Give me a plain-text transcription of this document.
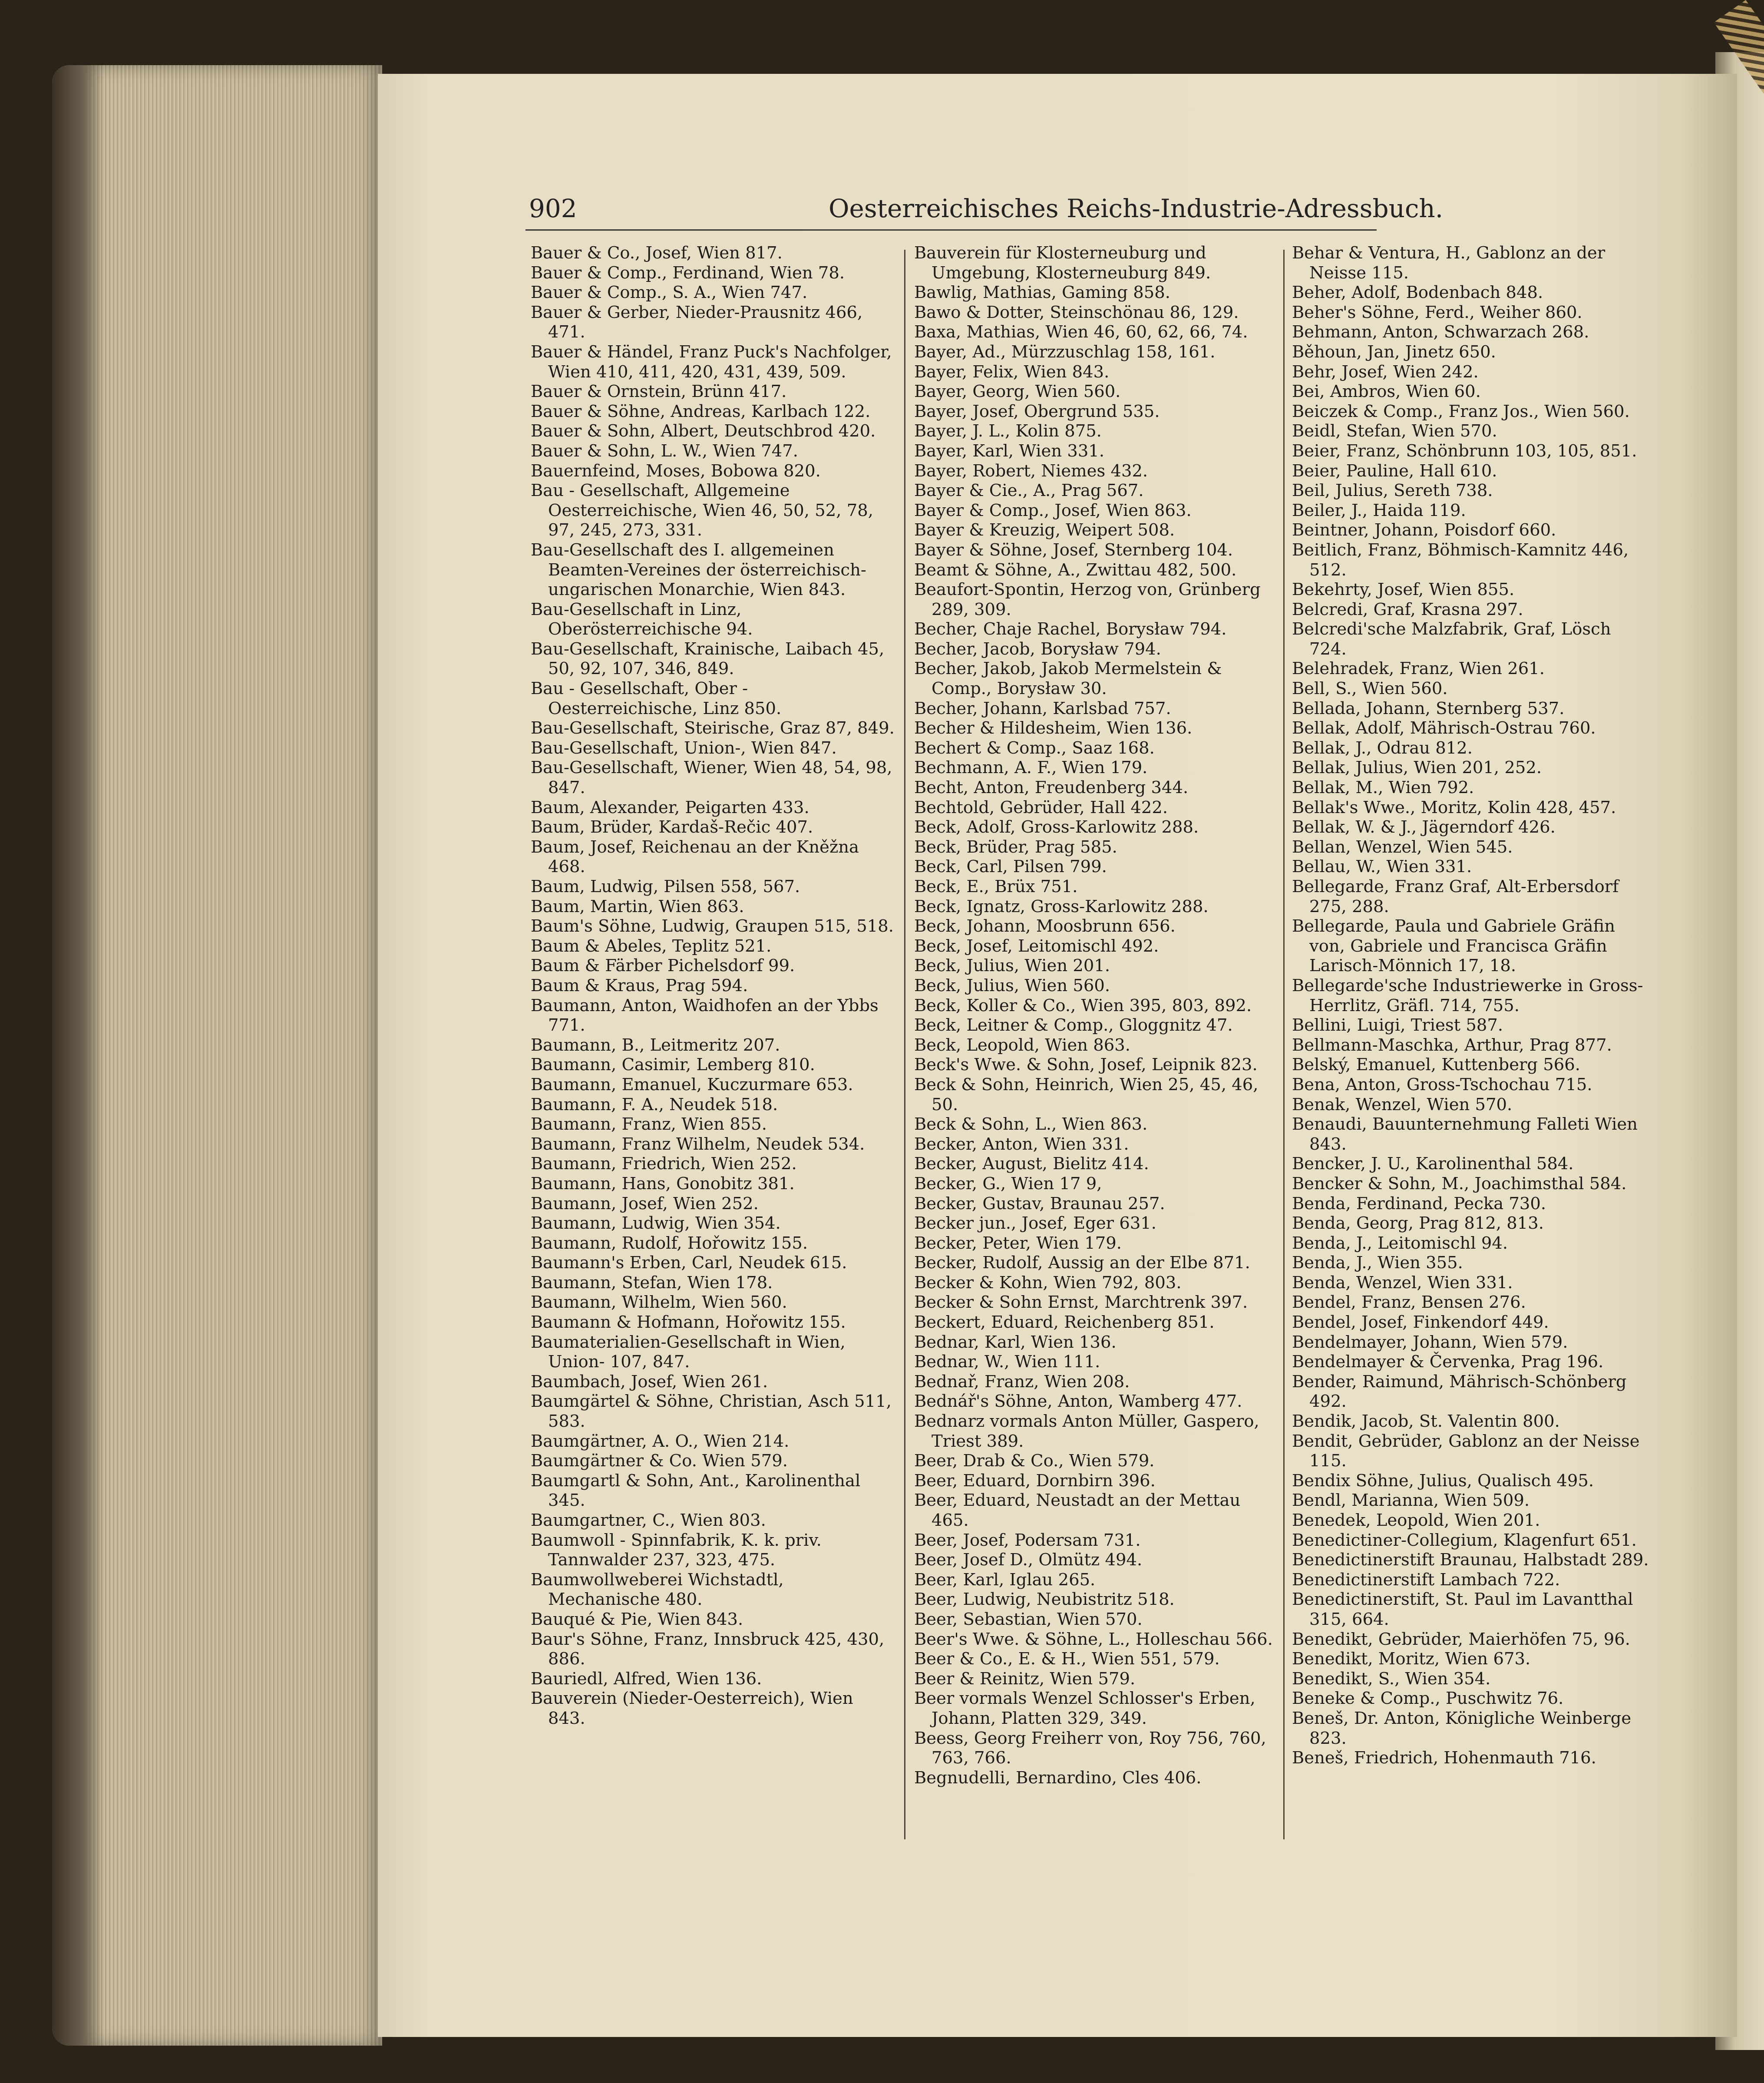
902	Oesterreichisches Reichs-Industrie-Adressbuch.

Bauer & Co., Josef, Wien 817.

Bauer & Comp., Ferdinand, Wien 78.

Bauer & Comp., S. A., Wien 747.

Bauer & Gerber, Nieder-Prausnitz 466, 471.

Bauer & Händel, Franz Puck's Nachfolger, Wien 410, 411, 420, 431, 439, 509.

Bauer & Ornstein, Brünn 417.

Bauer & Söhne, Andreas, Karlbach 122.

Bauer & Sohn, Albert, Deutschbrod 420.

Bauer & Sohn, L. W., Wien 747.

Bauernfeind, Moses, Bobowa 820.

Bau - Gesellschaft, Allgemeine Oesterreichische, Wien 46, 50, 52, 78, 97, 245, 273, 331.

Bau-Gesellschaft des I. allgemeinen Beamten-Vereines der österreichisch-ungarischen Monarchie, Wien 843.

Bau-Gesellschaft in Linz, Oberösterreichische 94.

Bau-Gesellschaft, Krainische, Laibach 45, 50, 92, 107, 346, 849.

Bau - Gesellschaft, Ober - Oesterreichische, Linz 850.

Bau-Gesellschaft, Steirische, Graz 87, 849.

Bau-Gesellschaft, Union-, Wien 847.

Bau-Gesellschaft, Wiener, Wien 48, 54, 98, 847.

Baum, Alexander, Peigarten 433.

Baum, Brüder, Kardaš-Rečic 407.

Baum, Josef, Reichenau an der Kněžna 468.

Baum, Ludwig, Pilsen 558, 567.

Baum, Martin, Wien 863.

Baum's Söhne, Ludwig, Graupen 515, 518.

Baum & Abeles, Teplitz 521.

Baum & Färber Pichelsdorf 99.

Baum & Kraus, Prag 594.

Baumann, Anton, Waidhofen an der Ybbs 771.

Baumann, B., Leitmeritz 207.

Baumann, Casimir, Lemberg 810.

Baumann, Emanuel, Kuczurmare 653.

Baumann, F. A., Neudek 518.

Baumann, Franz, Wien 855.

Baumann, Franz Wilhelm, Neudek 534.

Baumann, Friedrich, Wien 252.

Baumann, Hans, Gonobitz 381.

Baumann, Josef, Wien 252.

Baumann, Ludwig, Wien 354.

Baumann, Rudolf, Hořowitz 155.

Baumann's Erben, Carl, Neudek 615.

Baumann, Stefan, Wien 178.

Baumann, Wilhelm, Wien 560.

Baumann & Hofmann, Hořowitz 155.

Baumaterialien-Gesellschaft in Wien, Union- 107, 847.

Baumbach, Josef, Wien 261.

Baumgärtel & Söhne, Christian, Asch 511, 583.

Baumgärtner, A. O., Wien 214.

Baumgärtner & Co. Wien 579.

Baumgartl & Sohn, Ant., Karolinenthal 345.

Baumgartner, C., Wien 803.

Baumwoll - Spinnfabrik, K. k. priv. Tannwalder 237, 323, 475.

Baumwollweberei Wichstadtl, Mechanische 480.

Bauqué & Pie, Wien 843.

Baur's Söhne, Franz, Innsbruck 425, 430, 886.

Bauriedl, Alfred, Wien 136.

Bauverein (Nieder-Oesterreich), Wien 843.

Bauverein für Klosterneuburg und Umgebung, Klosterneuburg 849.

Bawlig, Mathias, Gaming 858.

Bawo & Dotter, Steinschönau 86, 129.

Baxa, Mathias, Wien 46, 60, 62, 66, 74.

Bayer, Ad., Mürzzuschlag 158, 161.

Bayer, Felix, Wien 843.

Bayer, Georg, Wien 560.

Bayer, Josef, Obergrund 535.

Bayer, J. L., Kolin 875.

Bayer, Karl, Wien 331.

Bayer, Robert, Niemes 432.

Bayer & Cie., A., Prag 567.

Bayer & Comp., Josef, Wien 863.

Bayer & Kreuzig, Weipert 508.

Bayer & Söhne, Josef, Sternberg 104.

Beamt & Söhne, A., Zwittau 482, 500.

Beaufort-Spontin, Herzog von, Grünberg 289, 309.

Becher, Chaje Rachel, Borysław 794.

Becher, Jacob, Borysław 794.

Becher, Jakob, Jakob Mermelstein & Comp., Borysław 30.

Becher, Johann, Karlsbad 757.

Becher & Hildesheim, Wien 136.

Bechert & Comp., Saaz 168.

Bechmann, A. F., Wien 179.

Becht, Anton, Freudenberg 344.

Bechtold, Gebrüder, Hall 422.

Beck, Adolf, Gross-Karlowitz 288.

Beck, Brüder, Prag 585.

Beck, Carl, Pilsen 799.

Beck, E., Brüx 751.

Beck, Ignatz, Gross-Karlowitz 288.

Beck, Johann, Moosbrunn 656.

Beck, Josef, Leitomischl 492.

Beck, Julius, Wien 201.

Beck, Julius, Wien 560.

Beck, Koller & Co., Wien 395, 803, 892.

Beck, Leitner & Comp., Gloggnitz 47.

Beck, Leopold, Wien 863.

Beck's Wwe. & Sohn, Josef, Leipnik 823.

Beck & Sohn, Heinrich, Wien 25, 45, 46, 50.

Beck & Sohn, L., Wien 863.

Becker, Anton, Wien 331.

Becker, August, Bielitz 414.

Becker, G., Wien 17 9,

Becker, Gustav, Braunau 257.

Becker jun., Josef, Eger 631.

Becker, Peter, Wien 179.

Becker, Rudolf, Aussig an der Elbe 871.

Becker & Kohn, Wien 792, 803.

Becker & Sohn Ernst, Marchtrenk 397.

Beckert, Eduard, Reichenberg 851.

Bednar, Karl, Wien 136.

Bednar, W., Wien 111.

Bednař, Franz, Wien 208.

Bednář's Söhne, Anton, Wamberg 477.

Bednarz vormals Anton Müller, Gaspero, Triest 389.

Beer, Drab & Co., Wien 579.

Beer, Eduard, Dornbirn 396.

Beer, Eduard, Neustadt an der Mettau 465.

Beer, Josef, Podersam 731.

Beer, Josef D., Olmütz 494.

Beer, Karl, Iglau 265.

Beer, Ludwig, Neubistritz 518.

Beer, Sebastian, Wien 570.

Beer's Wwe. & Söhne, L., Holleschau 566.

Beer & Co., E. & H., Wien 551, 579.

Beer & Reinitz, Wien 579.

Beer vormals Wenzel Schlosser's Erben, Johann, Platten 329, 349.

Beess, Georg Freiherr von, Roy 756, 760, 763, 766.

Begnudelli, Bernardino, Cles 406.

Behar & Ventura, H., Gablonz an der Neisse 115.

Beher, Adolf, Bodenbach 848.

Beher's Söhne, Ferd., Weiher 860.

Behmann, Anton, Schwarzach 268.

Běhoun, Jan, Jinetz 650.

Behr, Josef, Wien 242.

Bei, Ambros, Wien 60.

Beiczek & Comp., Franz Jos., Wien 560.

Beidl, Stefan, Wien 570.

Beier, Franz, Schönbrunn 103, 105, 851.

Beier, Pauline, Hall 610.

Beil, Julius, Sereth 738.

Beiler, J., Haida 119.

Beintner, Johann, Poisdorf 660.

Beitlich, Franz, Böhmisch-Kamnitz 446, 512.

Bekehrty, Josef, Wien 855.

Belcredi, Graf, Krasna 297.

Belcredi'sche Malzfabrik, Graf, Lösch 724.

Belehradek, Franz, Wien 261.

Bell, S., Wien 560.

Bellada, Johann, Sternberg 537.

Bellak, Adolf, Mährisch-Ostrau 760.

Bellak, J., Odrau 812.

Bellak, Julius, Wien 201, 252.

Bellak, M., Wien 792.

Bellak's Wwe., Moritz, Kolin 428, 457.

Bellak, W. & J., Jägerndorf 426.

Bellan, Wenzel, Wien 545.

Bellau, W., Wien 331.

Bellegarde, Franz Graf, Alt-Erbersdorf 275, 288.

Bellegarde, Paula und Gabriele Gräfin von, Gabriele und Francisca Gräfin Larisch-Mönnich 17, 18.

Bellegarde'sche Industriewerke in Gross-Herrlitz, Gräfl. 714, 755.

Bellini, Luigi, Triest 587.

Bellmann-Maschka, Arthur, Prag 877.

Belský, Emanuel, Kuttenberg 566.

Bena, Anton, Gross-Tschochau 715.

Benak, Wenzel, Wien 570.

Benaudi, Bauunternehmung Falleti Wien 843.

Bencker, J. U., Karolinenthal 584.

Bencker & Sohn, M., Joachimsthal 584.

Benda, Ferdinand, Pecka 730.

Benda, Georg, Prag 812, 813.

Benda, J., Leitomischl 94.

Benda, J., Wien 355.

Benda, Wenzel, Wien 331.

Bendel, Franz, Bensen 276.

Bendel, Josef, Finkendorf 449.

Bendelmayer, Johann, Wien 579.

Bendelmayer & Červenka, Prag 196.

Bender, Raimund, Mährisch-Schönberg 492.

Bendik, Jacob, St. Valentin 800.

Bendit, Gebrüder, Gablonz an der Neisse 115.

Bendix Söhne, Julius, Qualisch 495.

Bendl, Marianna, Wien 509.

Benedek, Leopold, Wien 201.

Benedictiner-Collegium, Klagenfurt 651.

Benedictinerstift Braunau, Halbstadt 289.

Benedictinerstift Lambach 722.

Benedictinerstift, St. Paul im Lavantthal 315, 664.

Benedikt, Gebrüder, Maierhöfen 75, 96.

Benedikt, Moritz, Wien 673.

Benedikt, S., Wien 354.

Beneke & Comp., Puschwitz 76.

Beneš, Dr. Anton, Königliche Weinberge 823.

Beneš, Friedrich, Hohenmauth 716.
